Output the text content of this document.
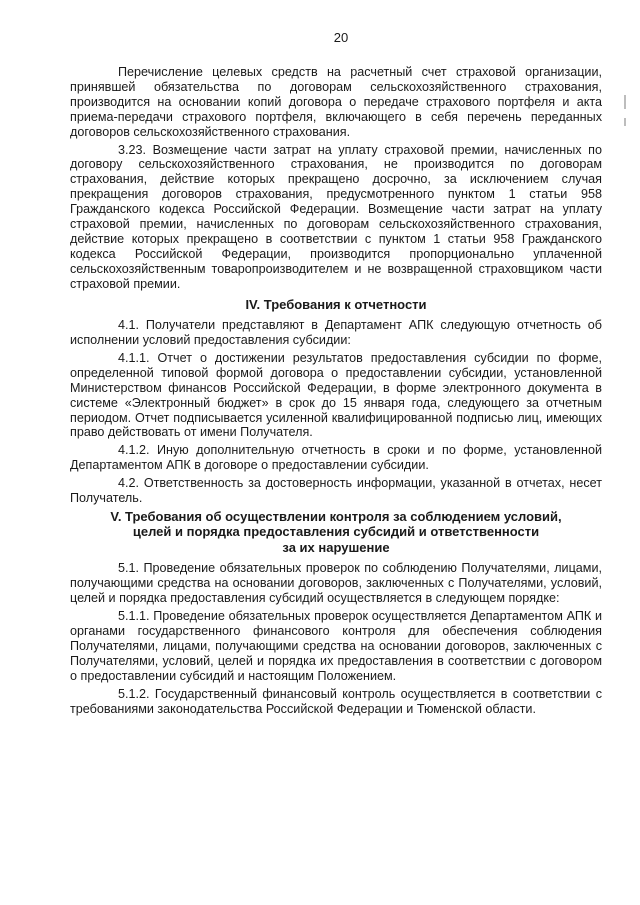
20

Перечисление целевых средств на расчетный счет страховой организации, принявшей обязательства по договорам сельскохозяйственного страхования, производится на основании копий договора о передаче страхового портфеля и акта приема-передачи страхового портфеля, включающего в себя перечень переданных договоров сельскохозяйственного страхования.

3.23. Возмещение части затрат на уплату страховой премии, начисленных по договору сельскохозяйственного страхования, не производится по договорам страхования, действие которых прекращено досрочно, за исключением случая прекращения договоров страхования, предусмотренного пунктом 1 статьи 958 Гражданского кодекса Российской Федерации. Возмещение части затрат на уплату страховой премии, начисленных по договорам сельскохозяйственного страхования, действие которых прекращено в соответствии с пунктом 1 статьи 958 Гражданского кодекса Российской Федерации, производится пропорционально уплаченной сельскохозяйственным товаропроизводителем и не возвращенной страховщиком части страховой премии.

IV. Требования к отчетности

4.1. Получатели представляют в Департамент АПК следующую отчетность об исполнении условий предоставления субсидии:

4.1.1. Отчет о достижении результатов предоставления субсидии по форме, определенной типовой формой договора о предоставлении субсидии, установленной Министерством финансов Российской Федерации, в форме электронного документа в системе «Электронный бюджет» в срок до 15 января года, следующего за отчетным периодом. Отчет подписывается усиленной квалифицированной подписью лиц, имеющих право действовать от имени Получателя.

4.1.2. Иную дополнительную отчетность в сроки и по форме, установленной Департаментом АПК в договоре о предоставлении субсидии.

4.2. Ответственность за достоверность информации, указанной в отчетах, несет Получатель.

V. Требования об осуществлении контроля за соблюдением условий,
целей и порядка предоставления субсидий и ответственности
за их нарушение

5.1. Проведение обязательных проверок по соблюдению Получателями, лицами, получающими средства на основании договоров, заключенных с Получателями, условий, целей и порядка предоставления субсидий осуществляется в следующем порядке:

5.1.1. Проведение обязательных проверок осуществляется Департаментом АПК и органами государственного финансового контроля для обеспечения соблюдения Получателями, лицами, получающими средства на основании договоров, заключенных с Получателями, условий, целей и порядка их предоставления в соответствии с договором о предоставлении субсидий и настоящим Положением.

5.1.2. Государственный финансовый контроль осуществляется в соответствии с требованиями законодательства Российской Федерации и Тюменской области.
